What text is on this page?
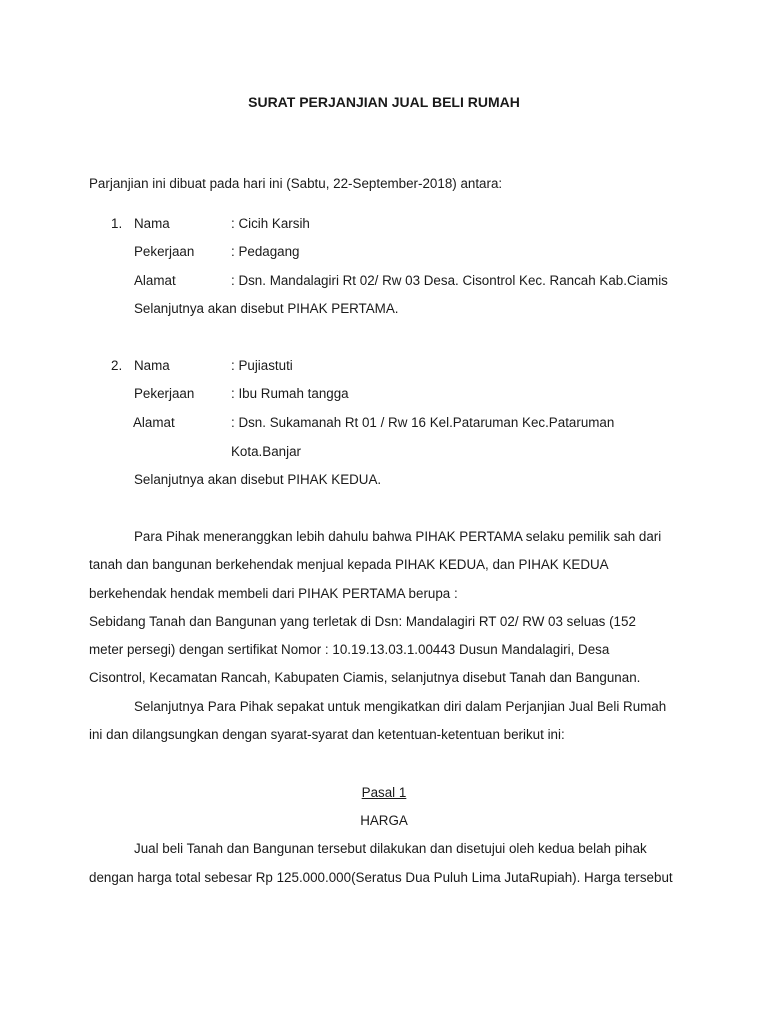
SURAT PERJANJIAN JUAL BELI RUMAH
Parjanjian ini dibuat pada hari ini (Sabtu, 22-September-2018) antara:
1. Nama	: Cicih Karsih
Pekerjaan	: Pedagang
Alamat	: Dsn. Mandalagiri Rt 02/ Rw 03 Desa. Cisontrol Kec. Rancah Kab.Ciamis
Selanjutnya akan disebut PIHAK PERTAMA.
2. Nama	: Pujiastuti
Pekerjaan	: Ibu Rumah tangga
Alamat	: Dsn. Sukamanah Rt 01 / Rw 16 Kel.Pataruman Kec.Pataruman
Kota.Banjar
Selanjutnya akan disebut PIHAK KEDUA.
Para Pihak meneranggkan lebih dahulu bahwa PIHAK PERTAMA selaku pemilik sah dari
tanah dan bangunan berkehendak menjual kepada PIHAK KEDUA, dan PIHAK KEDUA
berkehendak hendak membeli dari PIHAK PERTAMA berupa :
Sebidang Tanah dan Bangunan yang terletak di Dsn: Mandalagiri RT 02/ RW 03 seluas (152
meter persegi) dengan sertifikat Nomor : 10.19.13.03.1.00443 Dusun Mandalagiri, Desa
Cisontrol, Kecamatan Rancah, Kabupaten Ciamis, selanjutnya disebut Tanah dan Bangunan.
Selanjutnya Para Pihak sepakat untuk mengikatkan diri dalam Perjanjian Jual Beli Rumah
ini dan dilangsungkan dengan syarat-syarat dan ketentuan-ketentuan berikut ini:
Pasal 1
HARGA
Jual beli Tanah dan Bangunan tersebut dilakukan dan disetujui oleh kedua belah pihak
dengan harga total sebesar Rp 125.000.000(Seratus Dua Puluh Lima JutaRupiah). Harga tersebut
